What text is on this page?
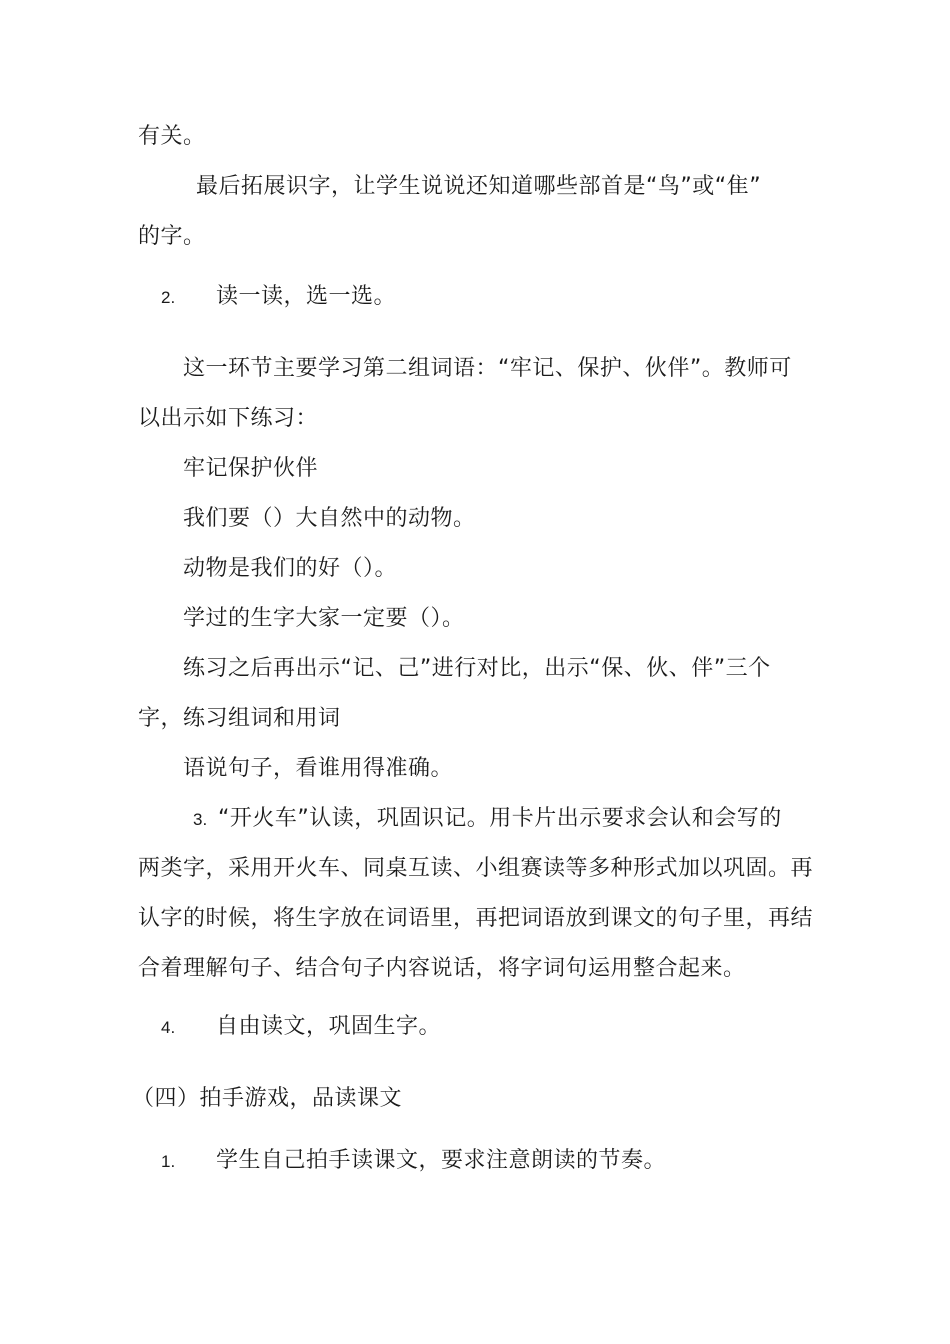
有关。
最后拓展识字，让学生说说还知道哪些部首是“鸟”或“隹”
的字。
2. 读一读，选一选。
这一环节主要学习第二组词语：“牢记、保护、伙伴”。教师可
以出示如下练习：
牢记保护伙伴
我们要（）大自然中的动物。
动物是我们的好（）。
学过的生字大家一定要（）。
练习之后再出示“记、己”进行对比，出示“保、伙、伴”三个
字，练习组词和用词
语说句子，看谁用得准确。
3. “开火车”认读，巩固识记。用卡片出示要求会认和会写的
两类字，采用开火车、同桌互读、小组赛读等多种形式加以巩固。再
认字的时候，将生字放在词语里，再把词语放到课文的句子里，再结
合着理解句子、结合句子内容说话，将字词句运用整合起来。
4. 自由读文，巩固生字。
（四）拍手游戏，品读课文
1. 学生自己拍手读课文，要求注意朗读的节奏。
